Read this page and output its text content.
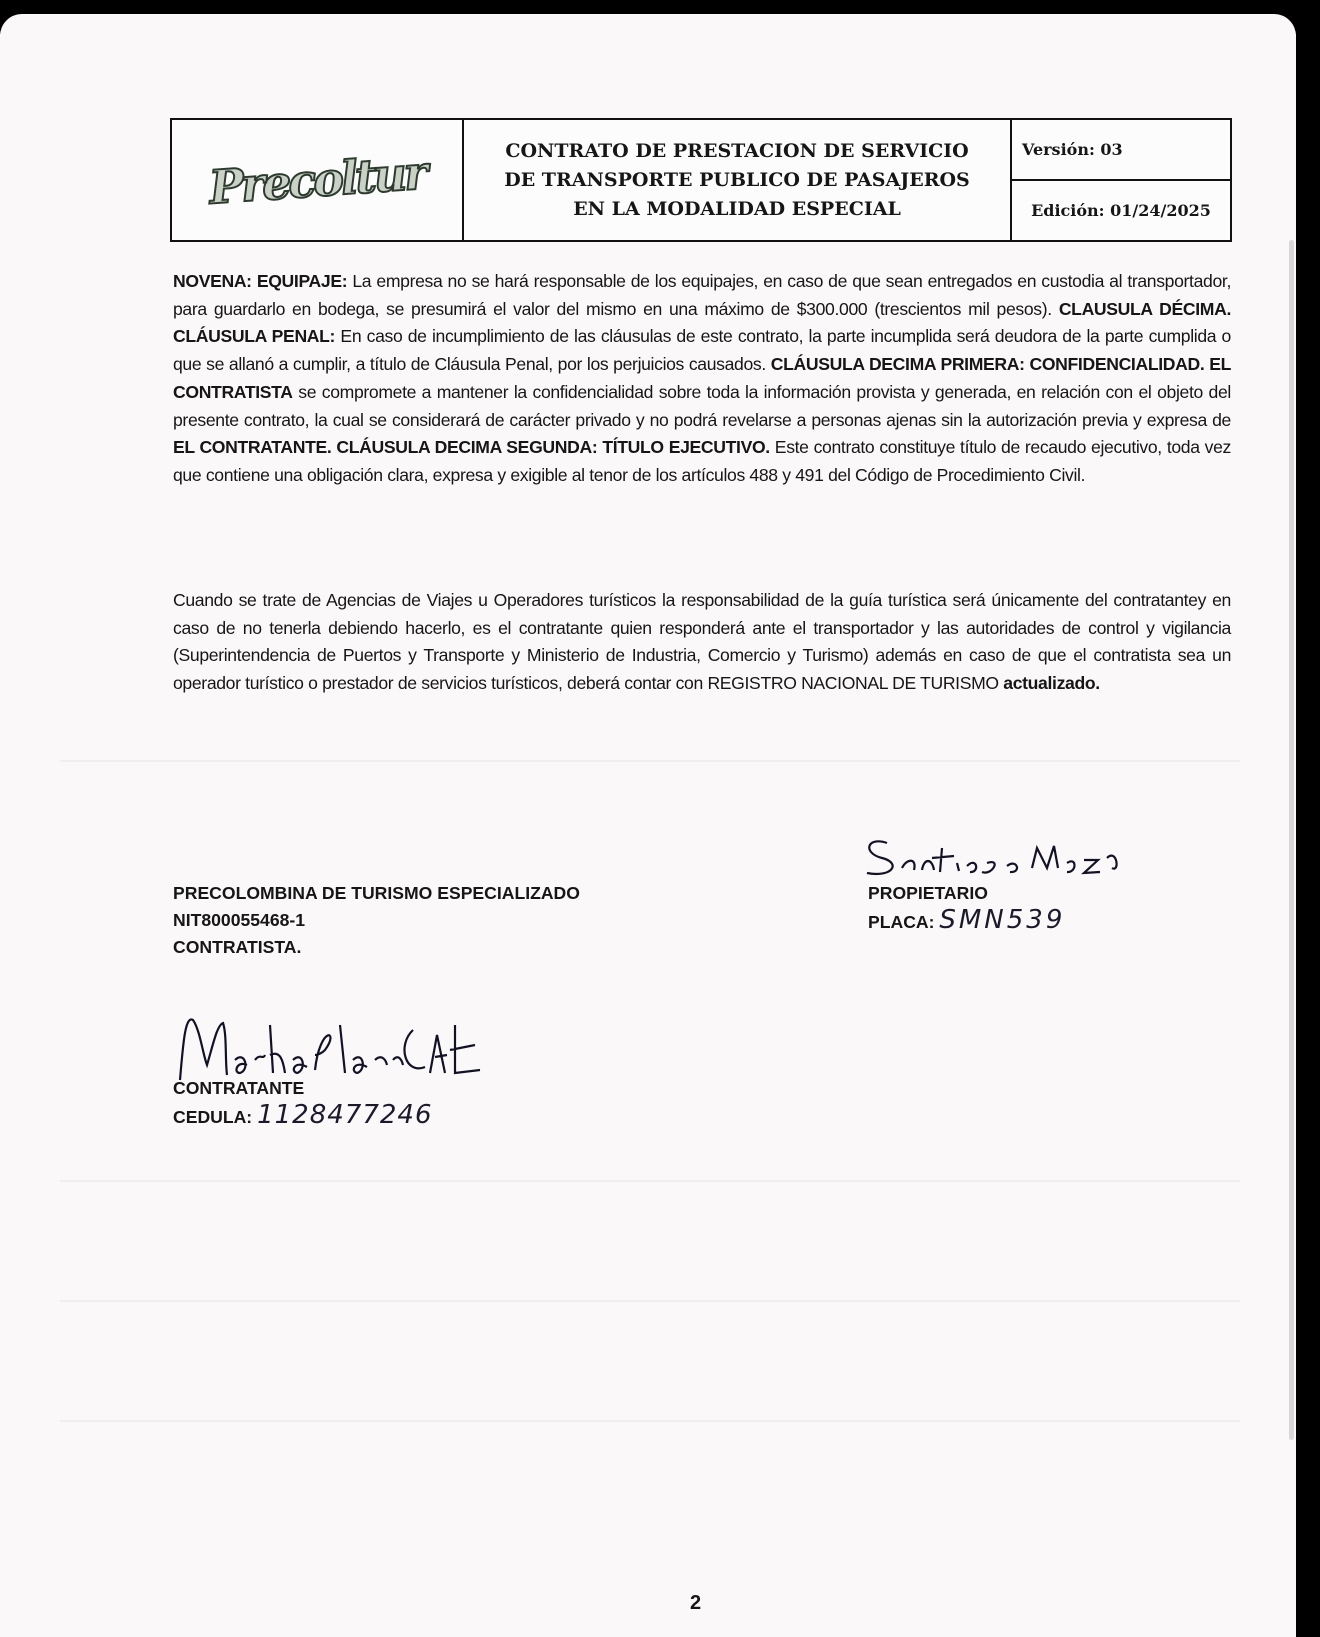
Precoltur	CONTRATO DE PRESTACION DE SERVICIO
DE TRANSPORTE PUBLICO DE PASAJEROS
EN LA MODALIDAD ESPECIAL
Versión: 03
Edición: 01/24/2025
NOVENA: EQUIPAJE: La empresa no se hará responsable de los equipajes, en caso de que sean entregados en custodia al transportador, para guardarlo en bodega, se presumirá el valor del mismo en una máximo de $300.000 (trescientos mil pesos). CLAUSULA DÉCIMA. CLÁUSULA PENAL: En caso de incumplimiento de las cláusulas de este contrato, la parte incumplida será deudora de la parte cumplida o que se allanó a cumplir, a título de Cláusula Penal, por los perjuicios causados. CLÁUSULA DECIMA PRIMERA: CONFIDENCIALIDAD. EL CONTRATISTA se compromete a mantener la confidencialidad sobre toda la información provista y generada, en relación con el objeto del presente contrato, la cual se considerará de carácter privado y no podrá revelarse a personas ajenas sin la autorización previa y expresa de EL CONTRATANTE. CLÁUSULA DECIMA SEGUNDA: TÍTULO EJECUTIVO. Este contrato constituye título de recaudo ejecutivo, toda vez que contiene una obligación clara, expresa y exigible al tenor de los artículos 488 y 491 del Código de Procedimiento Civil.
Cuando se trate de Agencias de Viajes u Operadores turísticos la responsabilidad de la guía turística será únicamente del contratantey en caso de no tenerla debiendo hacerlo, es el contratante quien responderá ante el transportador y las autoridades de control y vigilancia (Superintendencia de Puertos y Transporte y Ministerio de Industria, Comercio y Turismo) además en caso de que el contratista sea un operador turístico o prestador de servicios turísticos, deberá contar con REGISTRO NACIONAL DE TURISMO actualizado.
PRECOLOMBINA DE TURISMO ESPECIALIZADO
NIT800055468-1
CONTRATISTA.
PROPIETARIO
PLACA: SMN539
CONTRATANTE
CEDULA: 1128477246
2
